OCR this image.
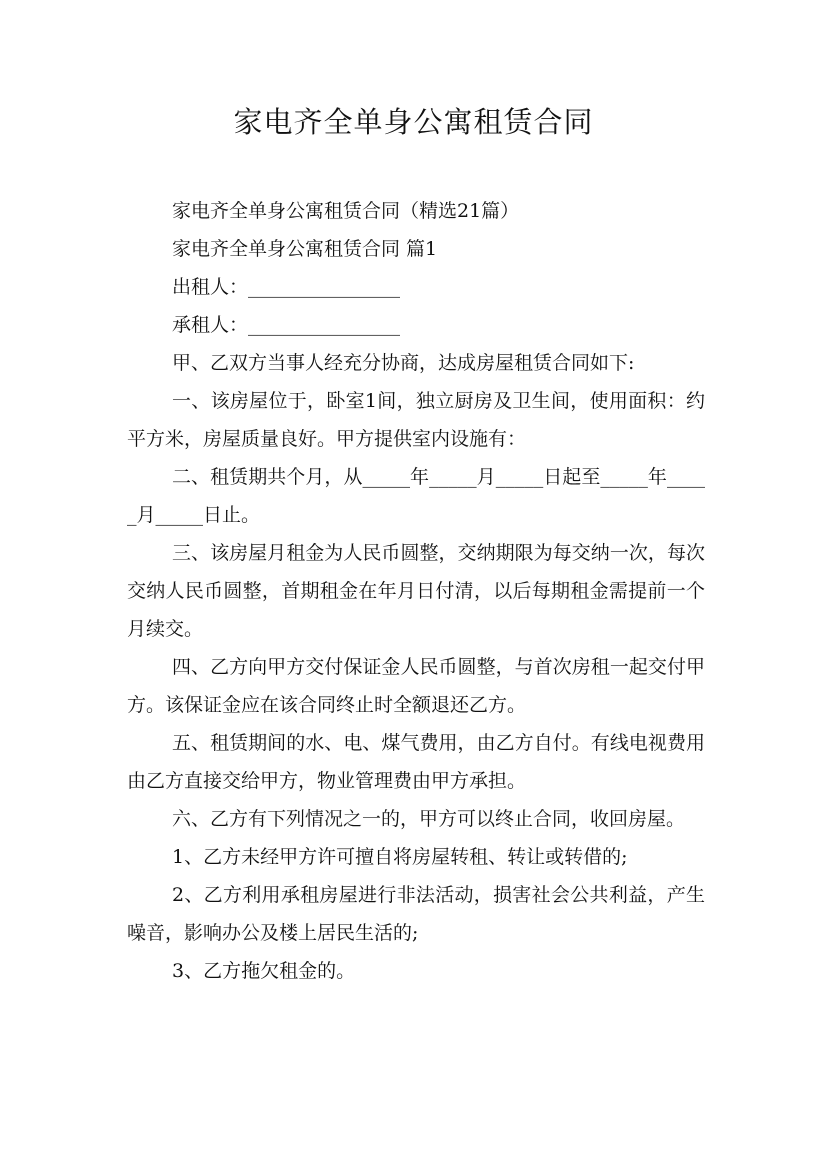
家电齐全单身公寓租赁合同

家电齐全单身公寓租赁合同（精选21篇）

家电齐全单身公寓租赁合同 篇1

出租人：________________

承租人：________________

甲、乙双方当事人经充分协商，达成房屋租赁合同如下:

一、该房屋位于，卧室1间，独立厨房及卫生间，使用面积：约平方米，房屋质量良好。甲方提供室内设施有：

二、租赁期共个月，从_____年_____月_____日起至_____年_____月_____日止。

三、该房屋月租金为人民币圆整，交纳期限为每交纳一次，每次交纳人民币圆整，首期租金在年月日付清，以后每期租金需提前一个月续交。

四、乙方向甲方交付保证金人民币圆整，与首次房租一起交付甲方。该保证金应在该合同终止时全额退还乙方。

五、租赁期间的水、电、煤气费用，由乙方自付。有线电视费用由乙方直接交给甲方，物业管理费由甲方承担。

六、乙方有下列情况之一的，甲方可以终止合同，收回房屋。

1、乙方未经甲方许可擅自将房屋转租、转让或转借的;

2、乙方利用承租房屋进行非法活动，损害社会公共利益，产生噪音，影响办公及楼上居民生活的;

3、乙方拖欠租金的。
